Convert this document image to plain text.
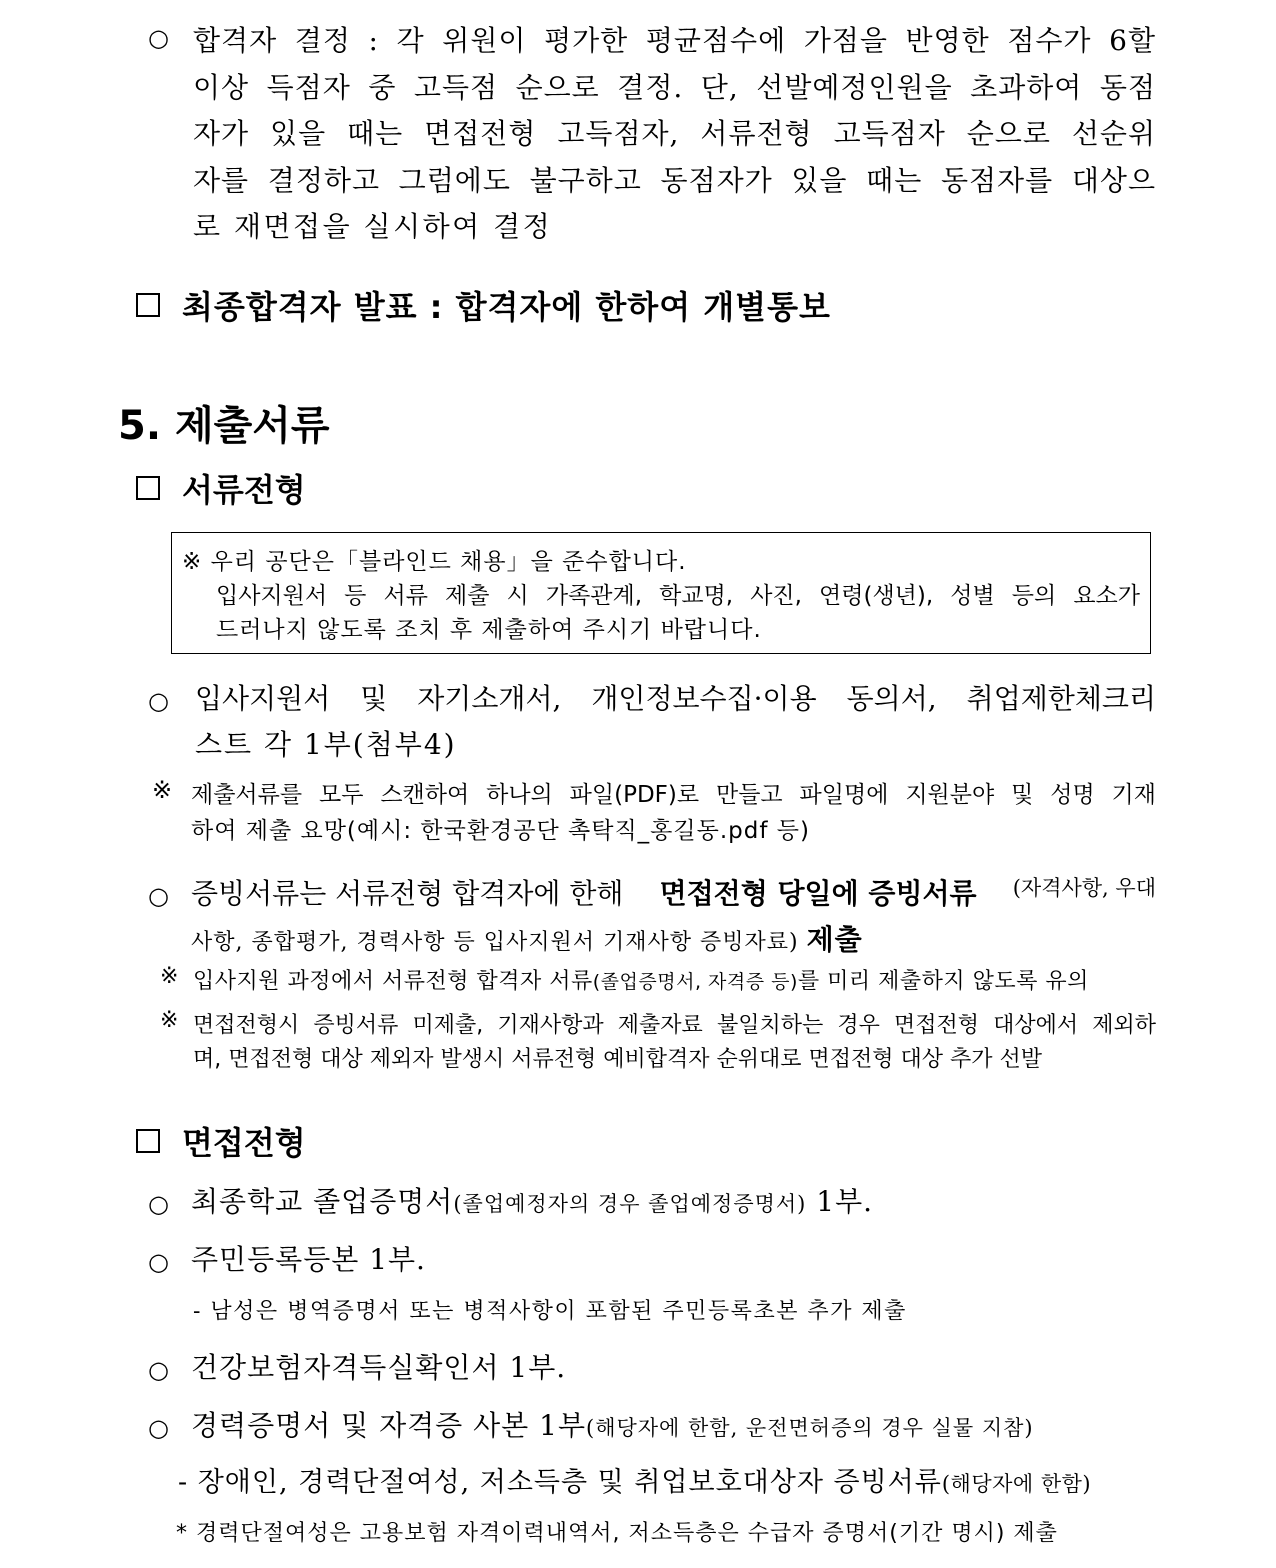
○ 합격자 결정 : 각 위원이 평가한 평균점수에 가점을 반영한 점수가 6할
이상 득점자 중 고득점 순으로 결정. 단, 선발예정인원을 초과하여 동점
자가 있을 때는 면접전형 고득점자, 서류전형 고득점자 순으로 선순위
자를 결정하고 그럼에도 불구하고 동점자가 있을 때는 동점자를 대상으
로 재면접을 실시하여 결정
최종합격자 발표 : 합격자에 한하여 개별통보
5. 제출서류
서류전형
※ 우리 공단은「블라인드 채용」을 준수합니다.
입사지원서 등 서류 제출 시 가족관계, 학교명, 사진, 연령(생년), 성별 등의 요소가
드러나지 않도록 조치 후 제출하여 주시기 바랍니다.
○ 입사지원서 및 자기소개서, 개인정보수집·이용 동의서, 취업제한체크리
스트 각 1부(첨부4)
※ 제출서류를 모두 스캔하여 하나의 파일(PDF)로 만들고 파일명에 지원분야 및 성명 기재
하여 제출 요망(예시: 한국환경공단 촉탁직_홍길동.pdf 등)
○ 증빙서류는 서류전형 합격자에 한해 면접전형 당일에 증빙서류 (자격사항, 우대
사항, 종합평가, 경력사항 등 입사지원서 기재사항 증빙자료) 제출
※ 입사지원 과정에서 서류전형 합격자 서류(졸업증명서, 자격증 등)를 미리 제출하지 않도록 유의
※ 면접전형시 증빙서류 미제출, 기재사항과 제출자료 불일치하는 경우 면접전형 대상에서 제외하
며, 면접전형 대상 제외자 발생시 서류전형 예비합격자 순위대로 면접전형 대상 추가 선발
면접전형
○ 최종학교 졸업증명서(졸업예정자의 경우 졸업예정증명서) 1부.
○ 주민등록등본 1부.
- 남성은 병역증명서 또는 병적사항이 포함된 주민등록초본 추가 제출
○ 건강보험자격득실확인서 1부.
○ 경력증명서 및 자격증 사본 1부(해당자에 한함, 운전면허증의 경우 실물 지참)
- 장애인, 경력단절여성, 저소득층 및 취업보호대상자 증빙서류(해당자에 한함)
* 경력단절여성은 고용보험 자격이력내역서, 저소득층은 수급자 증명서(기간 명시) 제출
